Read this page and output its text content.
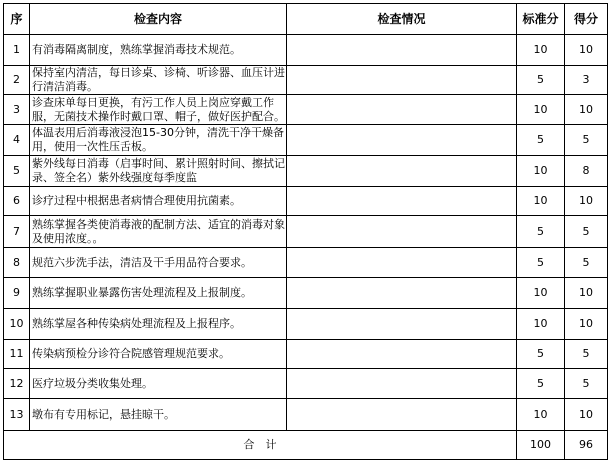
序	检查内容	检查情况	标准分	得分
1	有消毒隔离制度，熟练掌握消毒技术规范。		10	10
2	保持室内清洁，每日诊桌、诊椅、听诊器、血压计进行清洁消毒。		5	3
3	诊查床单每日更换，有污工作人员上岗应穿戴工作服，无菌技术操作时戴口罩、帽子，做好医护配合。		10	10
4	体温表用后消毒液浸泡15-30分钟，清洗干净干燥备用，使用一次性压舌板。		5	5
5	紫外线每日消毒（启事时间、累计照射时间、擦拭记录、签全名）紫外线强度每季度监		10	8
6	诊疗过程中根据患者病情合理使用抗菌素。		10	10
7	熟练掌握各类使消毒液的配制方法、适宜的消毒对象及使用浓度。。		5	5
8	规范六步洗手法，清洁及干手用品符合要求。		5	5
9	熟练掌握职业暴露伤害处理流程及上报制度。		10	10
10	熟练掌屋各种传染病处理流程及上报程序。		10	10
11	传染病预检分诊符合院感管理规范要求。		5	5
12	医疗垃圾分类收集处理。		5	5
13	墩布有专用标记，悬挂晾干。		10	10
合　计			100	96
